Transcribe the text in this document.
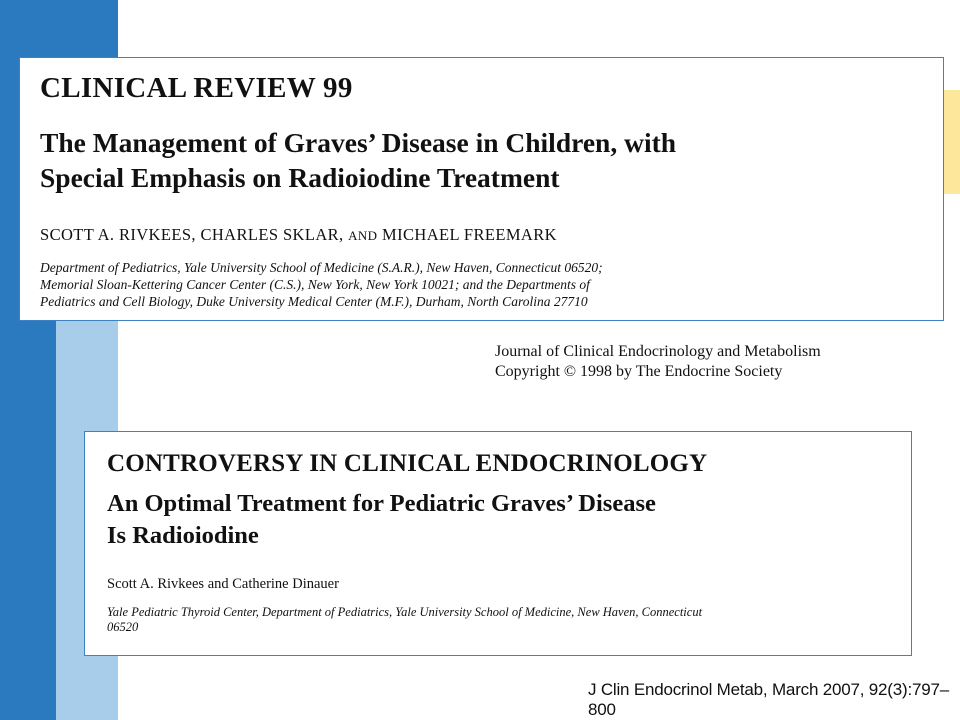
CLINICAL REVIEW 99
The Management of Graves’ Disease in Children, with
Special Emphasis on Radioiodine Treatment
SCOTT A. RIVKEES, CHARLES SKLAR, AND MICHAEL FREEMARK
Department of Pediatrics, Yale University School of Medicine (S.A.R.), New Haven, Connecticut 06520;
Memorial Sloan-Kettering Cancer Center (C.S.), New York, New York 10021; and the Departments of
Pediatrics and Cell Biology, Duke University Medical Center (M.F.), Durham, North Carolina 27710
Journal of Clinical Endocrinology and Metabolism
Copyright © 1998 by The Endocrine Society
CONTROVERSY IN CLINICAL ENDOCRINOLOGY
An Optimal Treatment for Pediatric Graves’ Disease
Is Radioiodine
Scott A. Rivkees and Catherine Dinauer
Yale Pediatric Thyroid Center, Department of Pediatrics, Yale University School of Medicine, New Haven, Connecticut
06520
J Clin Endocrinol Metab, March 2007, 92(3):797–800
